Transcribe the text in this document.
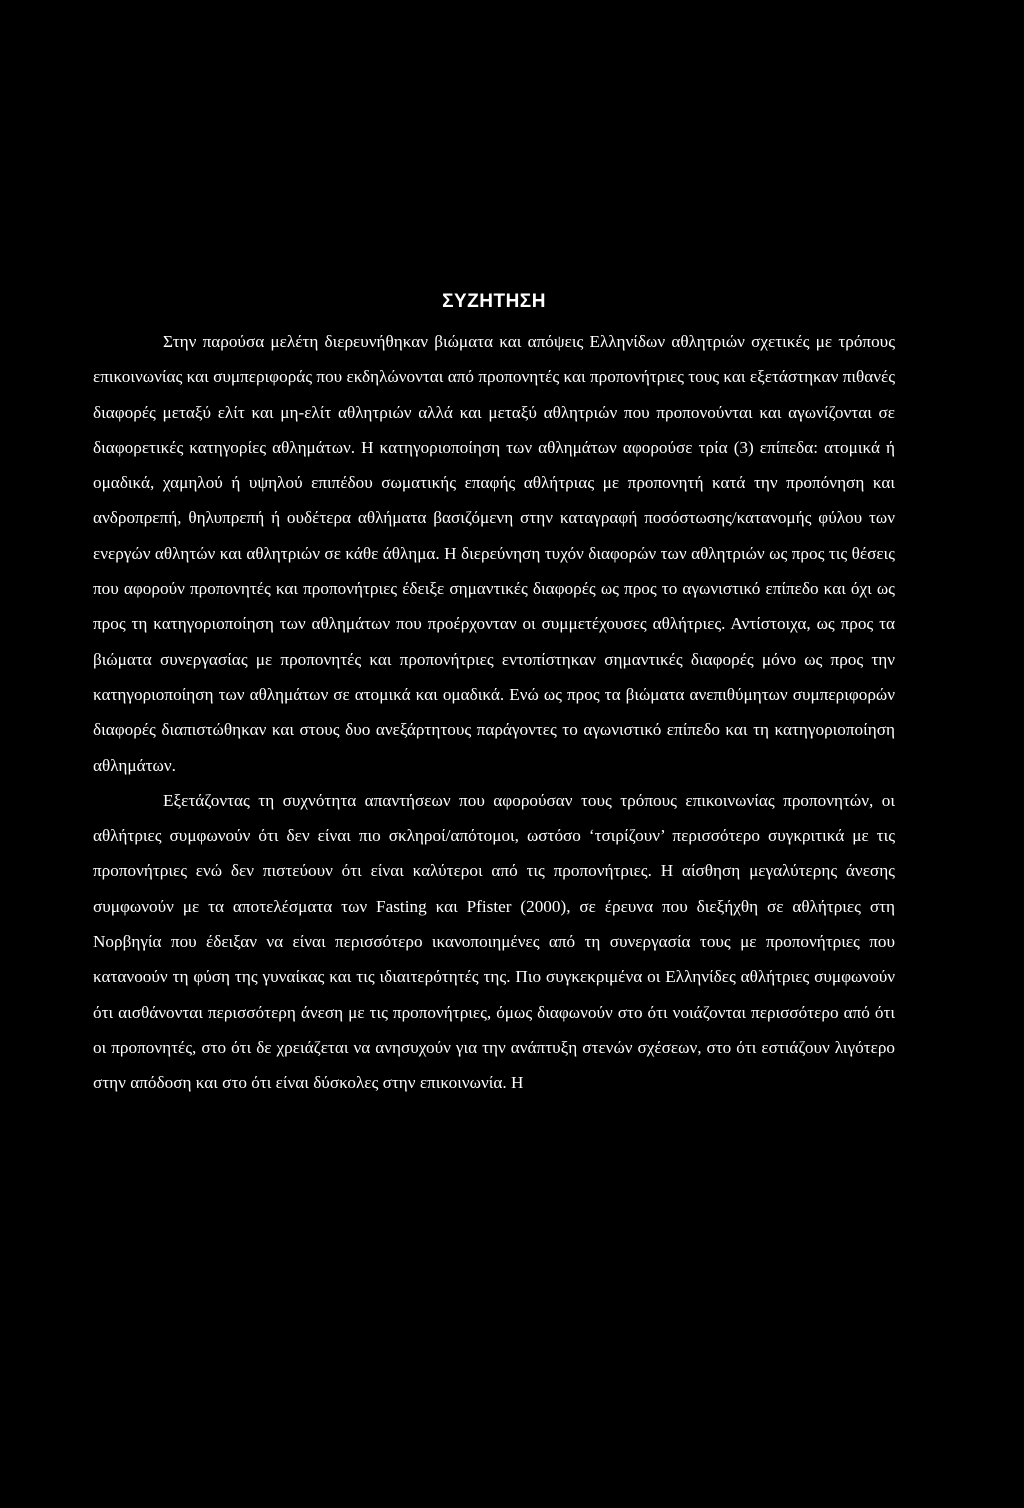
ΣΥΖΗΤΗΣΗ

Στην παρούσα μελέτη διερευνήθηκαν βιώματα και απόψεις Ελληνίδων αθλητριών σχετικές με τρόπους επικοινωνίας και συμπεριφοράς που εκδηλώνονται από προπονητές και προπονήτριες τους και εξετάστηκαν πιθανές διαφορές μεταξύ ελίτ και μη-ελίτ αθλητριών αλλά και μεταξύ αθλητριών που προπονούνται και αγωνίζονται σε διαφορετικές κατηγορίες αθλημάτων. Η κατηγοριοποίηση των αθλημάτων αφορούσε τρία (3) επίπεδα: ατομικά ή ομαδικά, χαμηλού ή υψηλού επιπέδου σωματικής επαφής αθλήτριας με προπονητή κατά την προπόνηση και ανδροπρεπή, θηλυπρεπή ή ουδέτερα αθλήματα βασιζόμενη στην καταγραφή ποσόστωσης/κατανομής φύλου των ενεργών αθλητών και αθλητριών σε κάθε άθλημα. Η διερεύνηση τυχόν διαφορών των αθλητριών ως προς τις θέσεις που αφορούν προπονητές και προπονήτριες έδειξε σημαντικές διαφορές ως προς το αγωνιστικό επίπεδο και όχι ως προς τη κατηγοριοποίηση των αθλημάτων που προέρχονταν οι συμμετέχουσες αθλήτριες. Αντίστοιχα, ως προς τα βιώματα συνεργασίας με προπονητές και προπονήτριες εντοπίστηκαν σημαντικές διαφορές μόνο ως προς την κατηγοριοποίηση των αθλημάτων σε ατομικά και ομαδικά. Ενώ ως προς τα βιώματα ανεπιθύμητων συμπεριφορών διαφορές διαπιστώθηκαν και στους δυο ανεξάρτητους παράγοντες το αγωνιστικό επίπεδο και τη κατηγοριοποίηση αθλημάτων.

Εξετάζοντας τη συχνότητα απαντήσεων που αφορούσαν τους τρόπους επικοινωνίας προπονητών, οι αθλήτριες συμφωνούν ότι δεν είναι πιο σκληροί/απότομοι, ωστόσο ‘τσιρίζουν’ περισσότερο συγκριτικά με τις προπονήτριες ενώ δεν πιστεύουν ότι είναι καλύτεροι από τις προπονήτριες. Η αίσθηση μεγαλύτερης άνεσης συμφωνούν με τα αποτελέσματα των Fasting και Pfister (2000), σε έρευνα που διεξήχθη σε αθλήτριες στη Νορβηγία που έδειξαν να είναι περισσότερο ικανοποιημένες από τη συνεργασία τους με προπονήτριες που κατανοούν τη φύση της γυναίκας και τις ιδιαιτερότητές της. Πιο συγκεκριμένα οι Ελληνίδες αθλήτριες συμφωνούν ότι αισθάνονται περισσότερη άνεση με τις προπονήτριες, όμως διαφωνούν στο ότι νοιάζονται περισσότερο από ότι οι προπονητές, στο ότι δε χρειάζεται να ανησυχούν για την ανάπτυξη στενών σχέσεων, στο ότι εστιάζουν λιγότερο στην απόδοση και στο ότι είναι δύσκολες στην επικοινωνία. Η
